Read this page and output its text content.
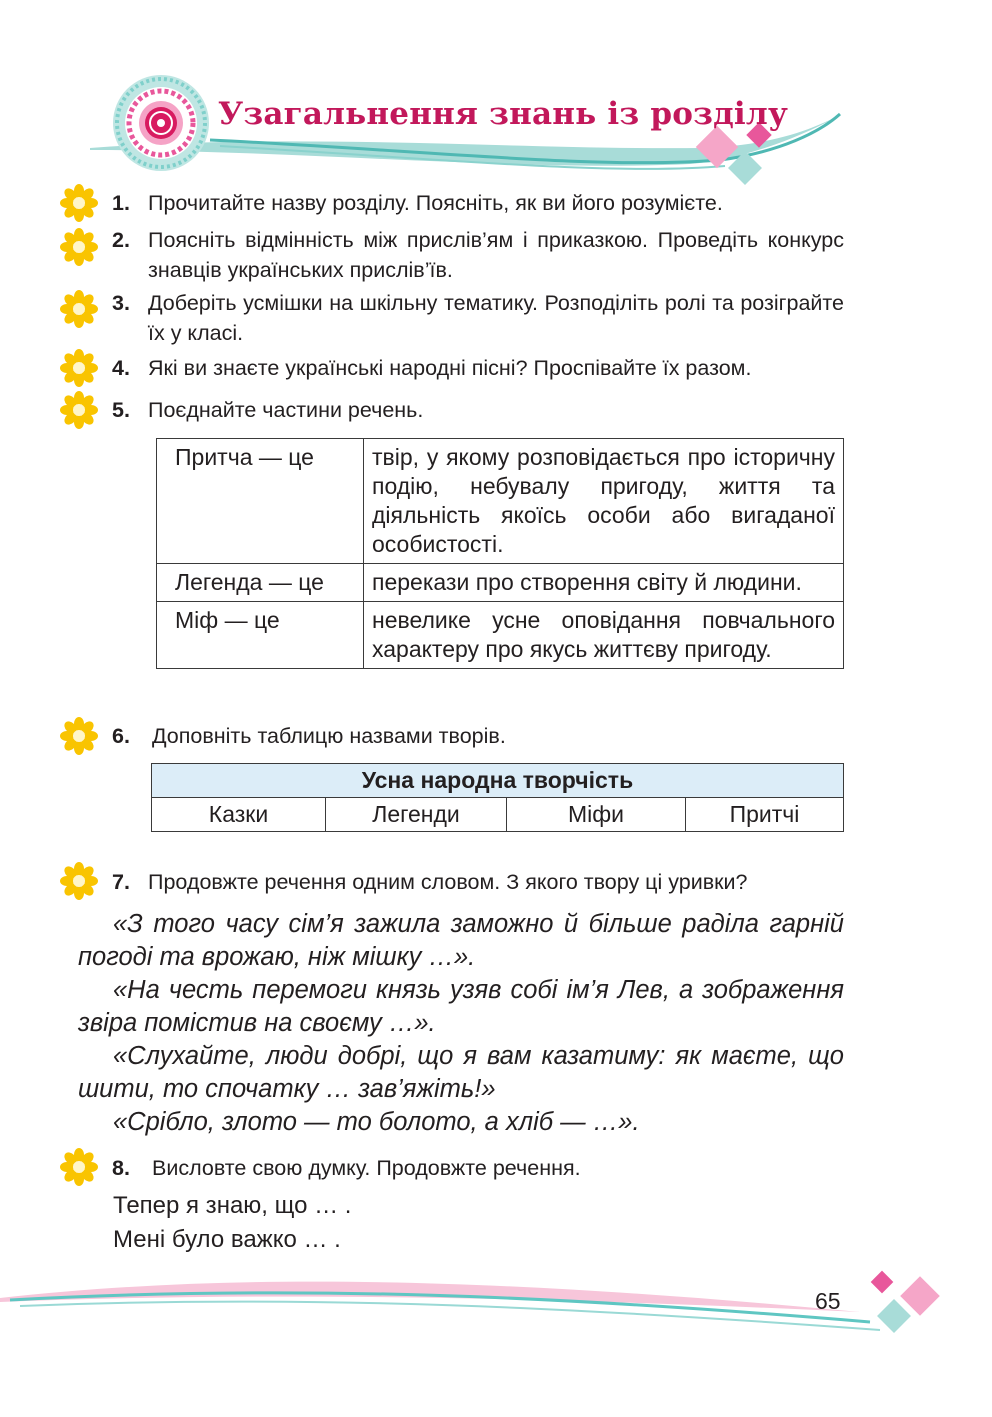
Узагальнення знань із розділу
1. Прочитайте назву розділу. Поясніть, як ви його розумієте.
2. Поясніть відмінність між прислів’ям і приказкою. Проведіть конкурс знавців українських прислів’їв.
3. Доберіть усмішки на шкільну тематику. Розподіліть ролі та розіграйте їх у класі.
4. Які ви знаєте українські народні пісні? Проспівайте їх разом.
5. Поєднайте частини речень.
Притча — це	твір, у якому розповідається про історичну подію, небувалу пригоду, життя та діяльність якоїсь особи або вигаданої особистості.
Легенда — це	перекази про створення світу й людини.
Міф — це	невелике усне оповідання повчального характеру про якусь життєву пригоду.
6. Доповніть таблицю назвами творів.
Усна народна творчість
Казки	Легенди	Міфи	Притчі
7. Продовжте речення одним словом. З якого твору ці уривки?
«З того часу сім’я зажила заможно й більше раділа гарній погоді та врожаю, ніж мішку …».
«На честь перемоги князь узяв собі ім’я Лев, а зображення звіра помістив на своєму …».
«Слухайте, люди добрі, що я вам казатиму: як маєте, що шити, то спочатку … зав’яжіть!»
«Срібло, злото — то болото, а хліб — …».
8. Висловте свою думку. Продовжте речення.
Тепер я знаю, що … .
Мені було важко … .
65
